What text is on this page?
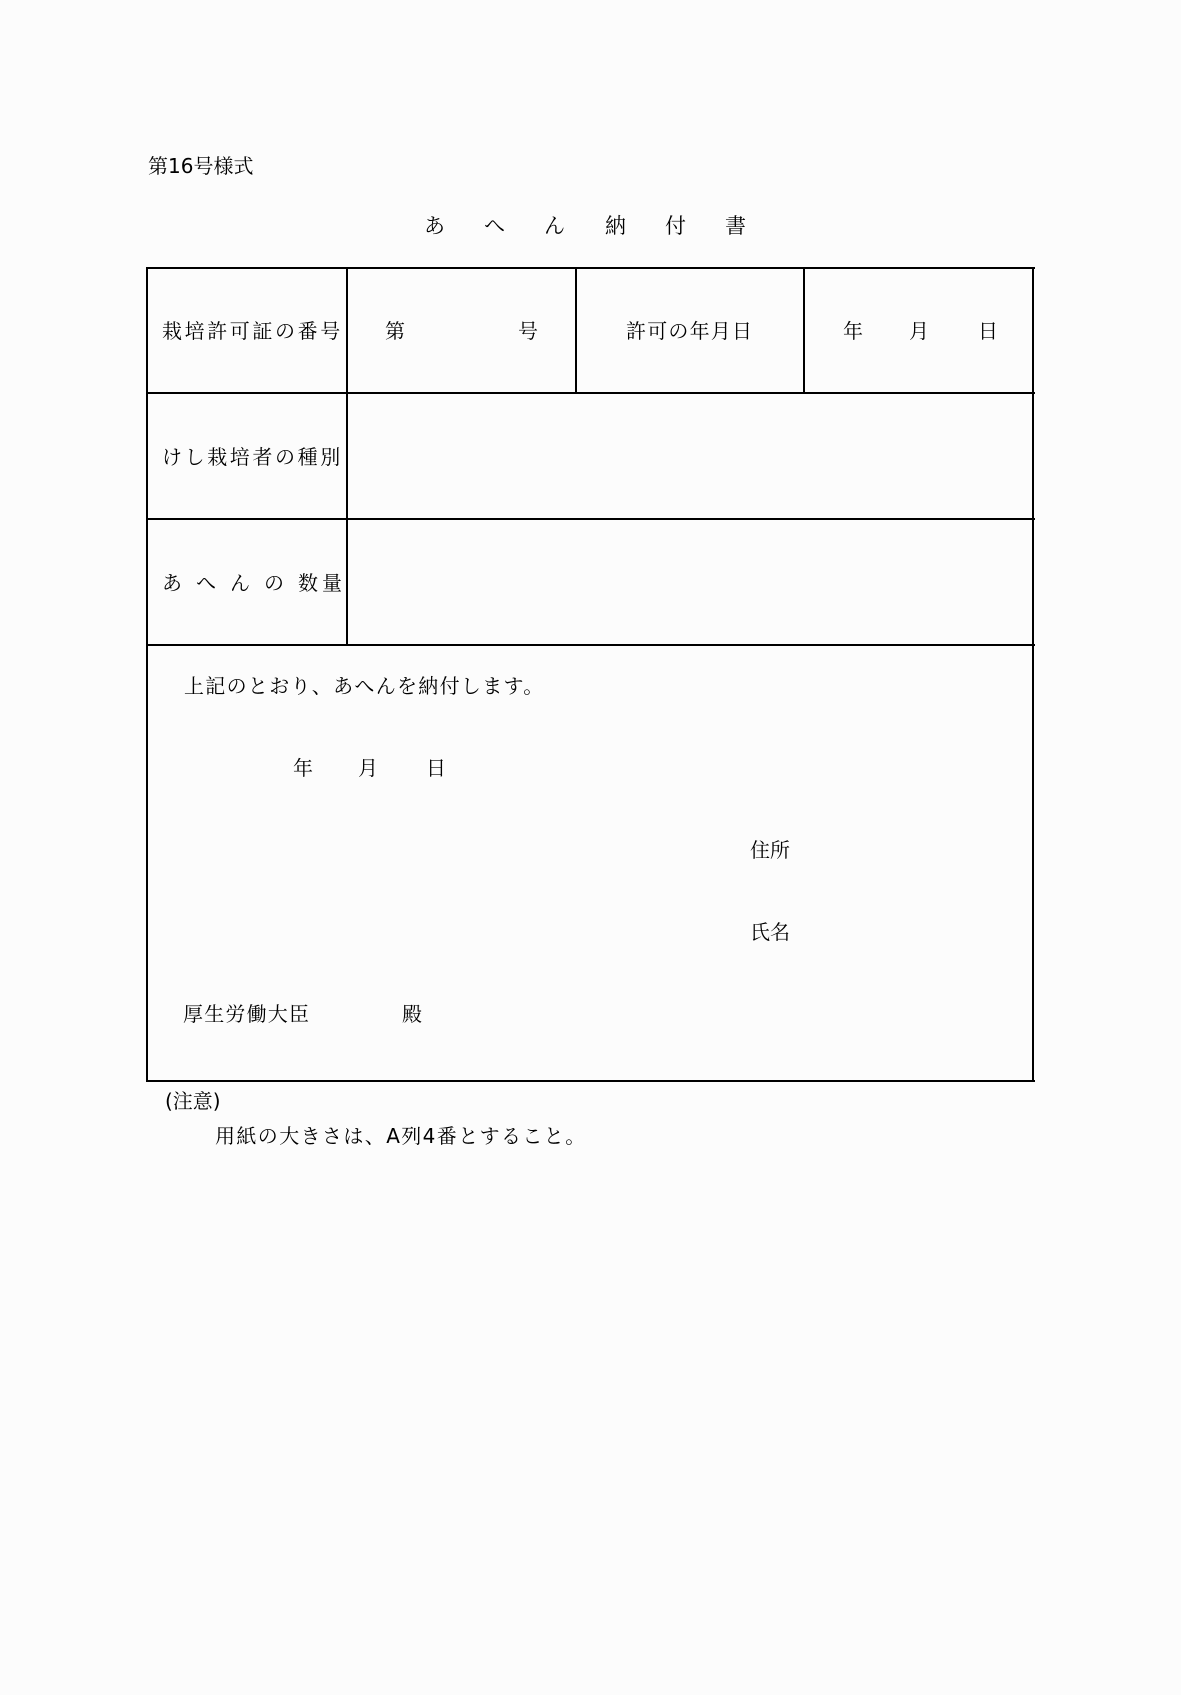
第16号様式
あ へ ん 納 付 書
栽培許可証の番号 第	号	許可の年月日	年 月 日
けし栽培者の種別
あ へ ん の 数 量
上記のとおり、あへんを納付します。
年 月 日
住所
氏名
厚生労働大臣	殿
(注意)
用紙の大きさは、A列4番とすること。
